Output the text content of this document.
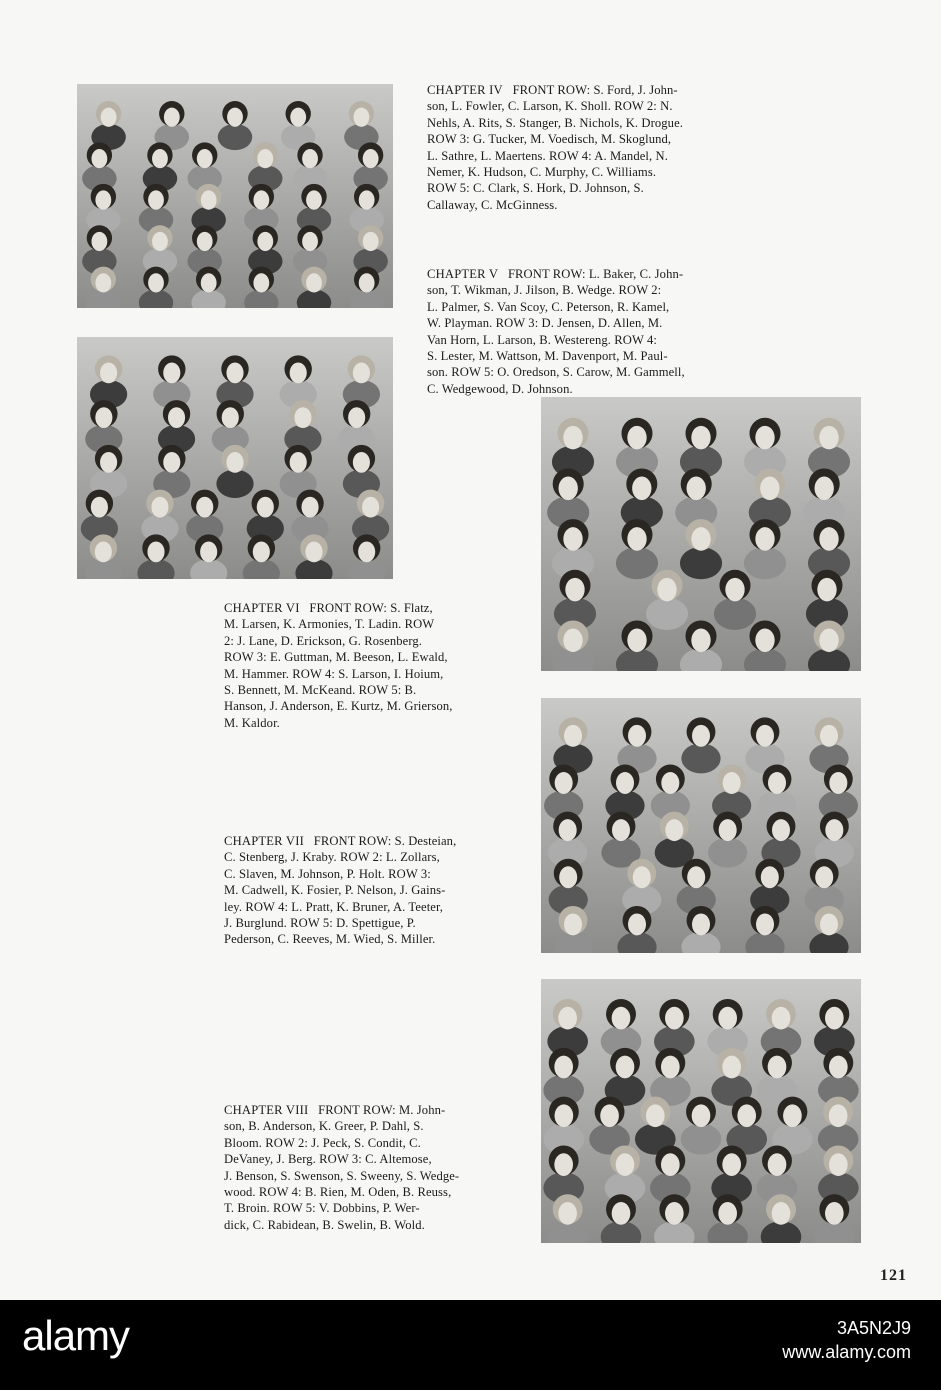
CHAPTER IV FRONT ROW: S. Ford, J. John-
son, L. Fowler, C. Larson, K. Sholl. ROW 2: N.
Nehls, A. Rits, S. Stanger, B. Nichols, K. Drogue.
ROW 3: G. Tucker, M. Voedisch, M. Skoglund,
L. Sathre, L. Maertens. ROW 4: A. Mandel, N.
Nemer, K. Hudson, C. Murphy, C. Williams.
ROW 5: C. Clark, S. Hork, D. Johnson, S.
Callaway, C. McGinness.
CHAPTER V FRONT ROW: L. Baker, C. John-
son, T. Wikman, J. Jilson, B. Wedge. ROW 2:
L. Palmer, S. Van Scoy, C. Peterson, R. Kamel,
W. Playman. ROW 3: D. Jensen, D. Allen, M.
Van Horn, L. Larson, B. Westereng. ROW 4:
S. Lester, M. Wattson, M. Davenport, M. Paul-
son. ROW 5: O. Oredson, S. Carow, M. Gammell,
C. Wedgewood, D. Johnson.
CHAPTER VI FRONT ROW: S. Flatz,
M. Larsen, K. Armonies, T. Ladin. ROW
2: J. Lane, D. Erickson, G. Rosenberg.
ROW 3: E. Guttman, M. Beeson, L. Ewald,
M. Hammer. ROW 4: S. Larson, I. Hoium,
S. Bennett, M. McKeand. ROW 5: B.
Hanson, J. Anderson, E. Kurtz, M. Grierson,
M. Kaldor.
CHAPTER VII FRONT ROW: S. Desteian,
C. Stenberg, J. Kraby. ROW 2: L. Zollars,
C. Slaven, M. Johnson, P. Holt. ROW 3:
M. Cadwell, K. Fosier, P. Nelson, J. Gains-
ley. ROW 4: L. Pratt, K. Bruner, A. Teeter,
J. Burglund. ROW 5: D. Spettigue, P.
Pederson, C. Reeves, M. Wied, S. Miller.
CHAPTER VIII FRONT ROW: M. John-
son, B. Anderson, K. Greer, P. Dahl, S.
Bloom. ROW 2: J. Peck, S. Condit, C.
DeVaney, J. Berg. ROW 3: C. Altemose,
J. Benson, S. Swenson, S. Sweeny, S. Wedge-
wood. ROW 4: B. Rien, M. Oden, B. Reuss,
T. Broin. ROW 5: V. Dobbins, P. Wer-
dick, C. Rabidean, B. Swelin, B. Wold.
121
alamy	3A5N2J9
www.alamy.com
